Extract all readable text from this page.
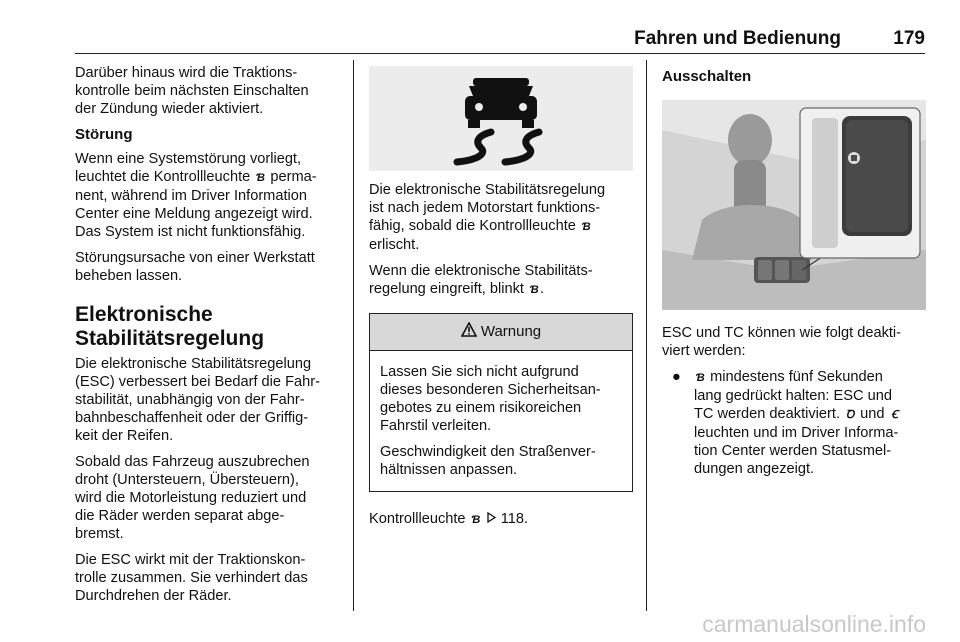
Fahren und Bedienung	179

Darüber hinaus wird die Traktions-
kontrolle beim nächsten Einschalten
der Zündung wieder aktiviert.

Störung

Wenn eine Systemstörung vorliegt,
leuchtet die Kontrollleuchte Ɓ perma-
nent, während im Driver Information
Center eine Meldung angezeigt wird.
Das System ist nicht funktionsfähig.

Störungsursache von einer Werkstatt
beheben lassen.

Elektronische
Stabilitätsregelung

Die elektronische Stabilitätsregelung
(ESC) verbessert bei Bedarf die Fahr-
stabilität, unabhängig von der Fahr-
bahnbeschaffenheit oder der Griffig-
keit der Reifen.

Sobald das Fahrzeug auszubrechen
droht (Untersteuern, Übersteuern),
wird die Motorleistung reduziert und
die Räder werden separat abge-
bremst.

Die ESC wirkt mit der Traktionskon-
trolle zusammen. Sie verhindert das
Durchdrehen der Räder.

Die elektronische Stabilitätsregelung
ist nach jedem Motorstart funktions-
fähig, sobald die Kontrollleuchte Ɓ
erlischt.

Wenn die elektronische Stabilitäts-
regelung eingreift, blinkt Ɓ .

Warnung

Lassen Sie sich nicht aufgrund
dieses besonderen Sicherheitsan-
gebotes zu einem risikoreichen
Fahrstil verleiten.

Geschwindigkeit den Straßenver-
hältnissen anpassen.

Kontrollleuchte Ɓ 118.

Ausschalten

ESC und TC können wie folgt deakti-
viert werden:

● Ɓ mindestens fünf Sekunden
lang gedrückt halten: ESC und
TC werden deaktiviert. Ꝺ und Ꞓ
leuchten und im Driver Informa-
tion Center werden Statusmel-
dungen angezeigt.
carmanualsonline.info
